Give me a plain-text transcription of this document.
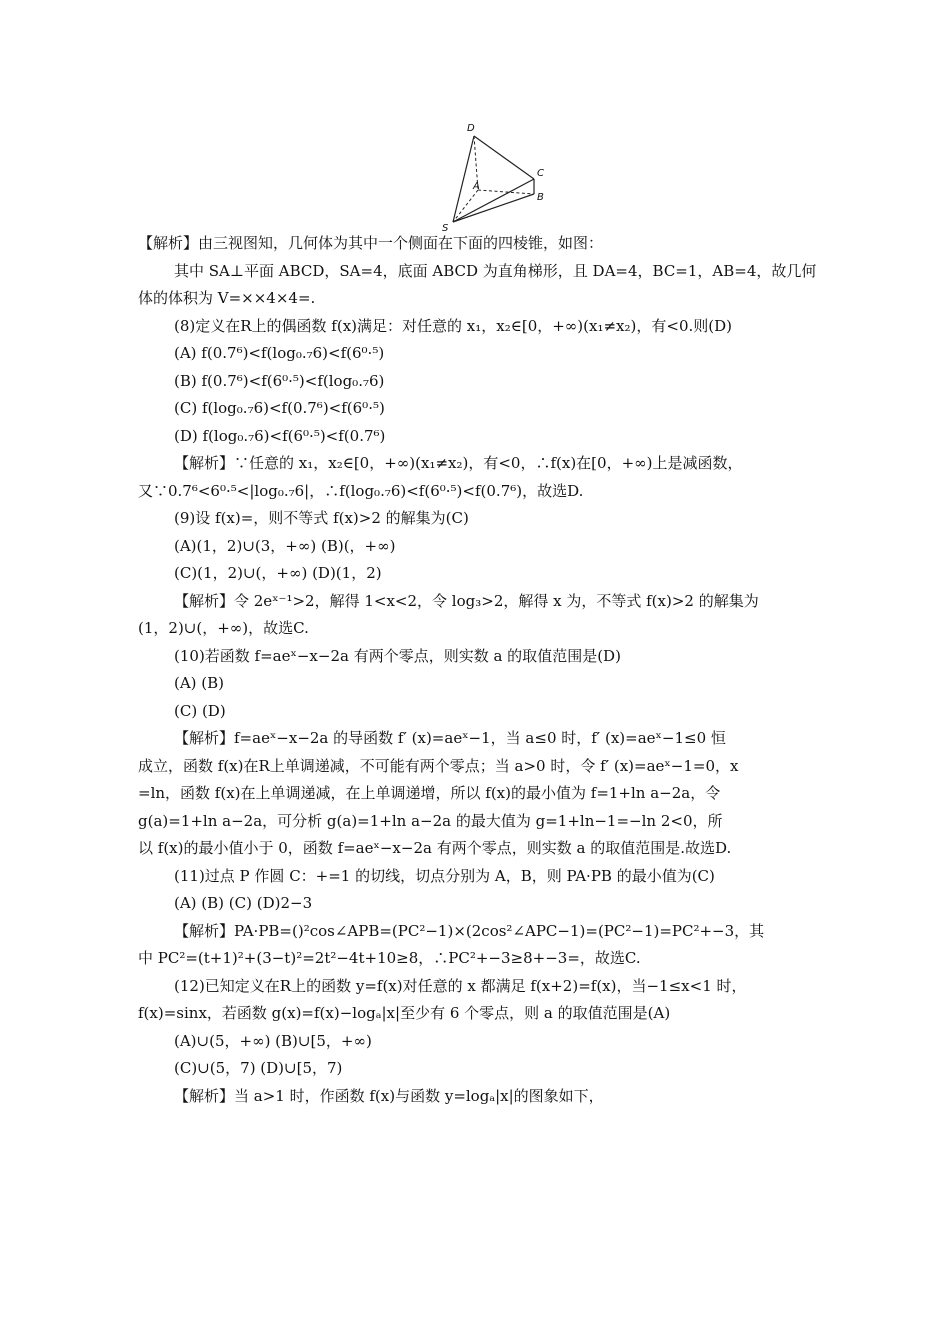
D
C
A
B
S

【解析】由三视图知，几何体为其中一个侧面在下面的四棱锥，如图：

其中 SA⊥平面 ABCD，SA=4，底面 ABCD 为直角梯形，且 DA=4，BC=1，AB=4，故几何

体的体积为 V=××4×4=.

(8)定义在R上的偶函数 f(x)满足：对任意的 x₁，x₂∈[0，+∞)(x₁≠x₂)，有<0.则(D)

(A) f(0.7⁶)<f(log₀.₇6)<f(6⁰·⁵)

(B) f(0.7⁶)<f(6⁰·⁵)<f(log₀.₇6)

(C) f(log₀.₇6)<f(0.7⁶)<f(6⁰·⁵)

(D) f(log₀.₇6)<f(6⁰·⁵)<f(0.7⁶)

【解析】∵任意的 x₁，x₂∈[0，+∞)(x₁≠x₂)，有<0，∴f(x)在[0，+∞)上是减函数，

又∵0.7⁶<6⁰·⁵<|log₀.₇6|，∴f(log₀.₇6)<f(6⁰·⁵)<f(0.7⁶)，故选D.

(9)设 f(x)=，则不等式 f(x)>2 的解集为(C)

(A)(1，2)∪(3，+∞) (B)(，+∞)

(C)(1，2)∪(，+∞) (D)(1，2)

【解析】令 2eˣ⁻¹>2，解得 1<x<2，令 log₃>2，解得 x 为，不等式 f(x)>2 的解集为

(1，2)∪(，+∞)，故选C.

(10)若函数 f=aeˣ−x−2a 有两个零点，则实数 a 的取值范围是(D)

(A) (B)

(C) (D)

【解析】f=aeˣ−x−2a 的导函数 f′ (x)=aeˣ−1，当 a≤0 时，f′ (x)=aeˣ−1≤0 恒

成立，函数 f(x)在R上单调递减，不可能有两个零点；当 a>0 时，令 f′ (x)=aeˣ−1=0，x

=ln，函数 f(x)在上单调递减，在上单调递增，所以 f(x)的最小值为 f=1+ln a−2a，令

g(a)=1+ln a−2a，可分析 g(a)=1+ln a−2a 的最大值为 g=1+ln−1=−ln 2<0，所

以 f(x)的最小值小于 0，函数 f=aeˣ−x−2a 有两个零点，则实数 a 的取值范围是.故选D.

(11)过点 P 作圆 C：+=1 的切线，切点分别为 A，B，则 PA·PB 的最小值为(C)

(A) (B) (C) (D)2−3

【解析】PA·PB=()²cos∠APB=(PC²−1)×(2cos²∠APC−1)=(PC²−1)=PC²+−3，其

中 PC²=(t+1)²+(3−t)²=2t²−4t+10≥8，∴PC²+−3≥8+−3=，故选C.

(12)已知定义在R上的函数 y=f(x)对任意的 x 都满足 f(x+2)=f(x)，当−1≤x<1 时，

f(x)=sinx，若函数 g(x)=f(x)−logₐ|x|至少有 6 个零点，则 a 的取值范围是(A)

(A)∪(5，+∞) (B)∪[5，+∞)

(C)∪(5，7) (D)∪[5，7)

【解析】当 a>1 时，作函数 f(x)与函数 y=logₐ|x|的图象如下，
